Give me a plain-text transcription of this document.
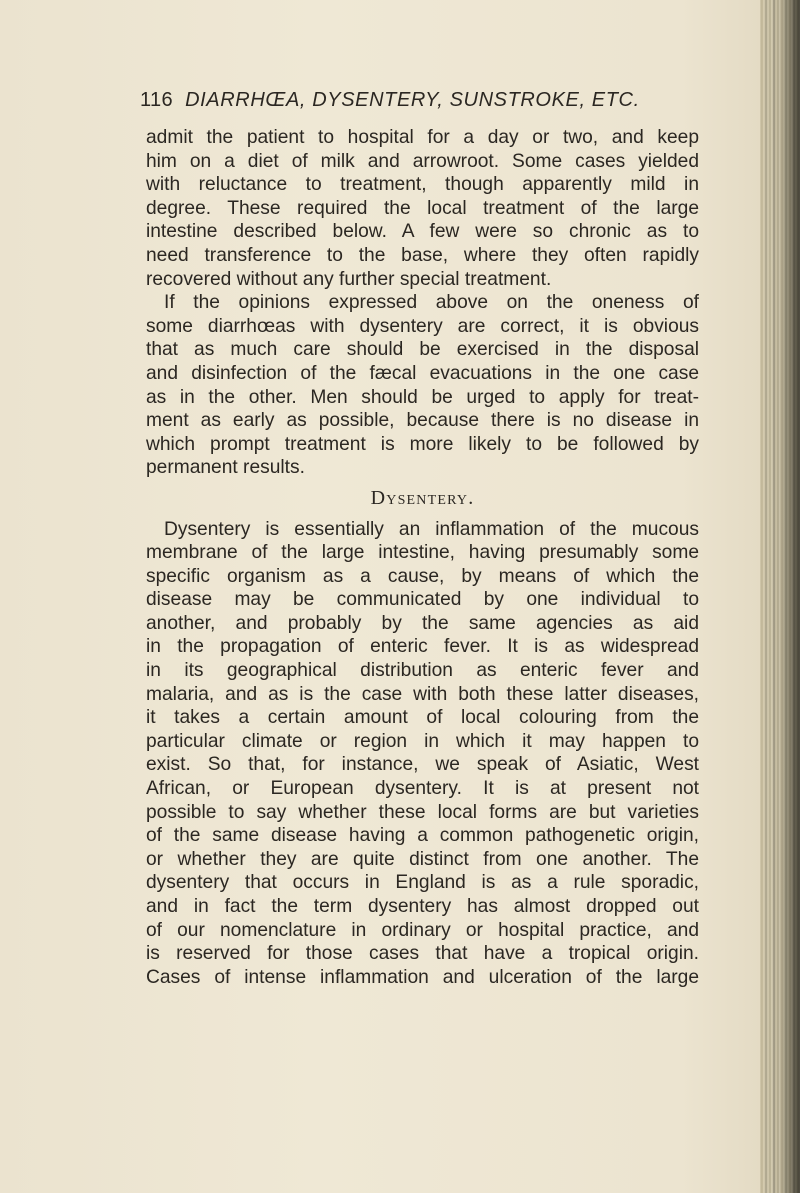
116 DIARRHŒA, DYSENTERY, SUNSTROKE, ETC.
admit the patient to hospital for a day or two, and keep
him on a diet of milk and arrowroot. Some cases yielded
with reluctance to treatment, though apparently mild in
degree. These required the local treatment of the large
intestine described below. A few were so chronic as to
need transference to the base, where they often rapidly
recovered without any further special treatment.
If the opinions expressed above on the oneness of
some diarrhœas with dysentery are correct, it is obvious
that as much care should be exercised in the disposal
and disinfection of the fæcal evacuations in the one case
as in the other. Men should be urged to apply for treat-
ment as early as possible, because there is no disease in
which prompt treatment is more likely to be followed by
permanent results.
Dysentery.
Dysentery is essentially an inflammation of the mucous
membrane of the large intestine, having presumably some
specific organism as a cause, by means of which the
disease may be communicated by one individual to
another, and probably by the same agencies as aid
in the propagation of enteric fever. It is as widespread
in its geographical distribution as enteric fever and
malaria, and as is the case with both these latter diseases,
it takes a certain amount of local colouring from the
particular climate or region in which it may happen to
exist. So that, for instance, we speak of Asiatic, West
African, or European dysentery. It is at present not
possible to say whether these local forms are but varieties
of the same disease having a common pathogenetic origin,
or whether they are quite distinct from one another. The
dysentery that occurs in England is as a rule sporadic,
and in fact the term dysentery has almost dropped out
of our nomenclature in ordinary or hospital practice, and
is reserved for those cases that have a tropical origin.
Cases of intense inflammation and ulceration of the large
